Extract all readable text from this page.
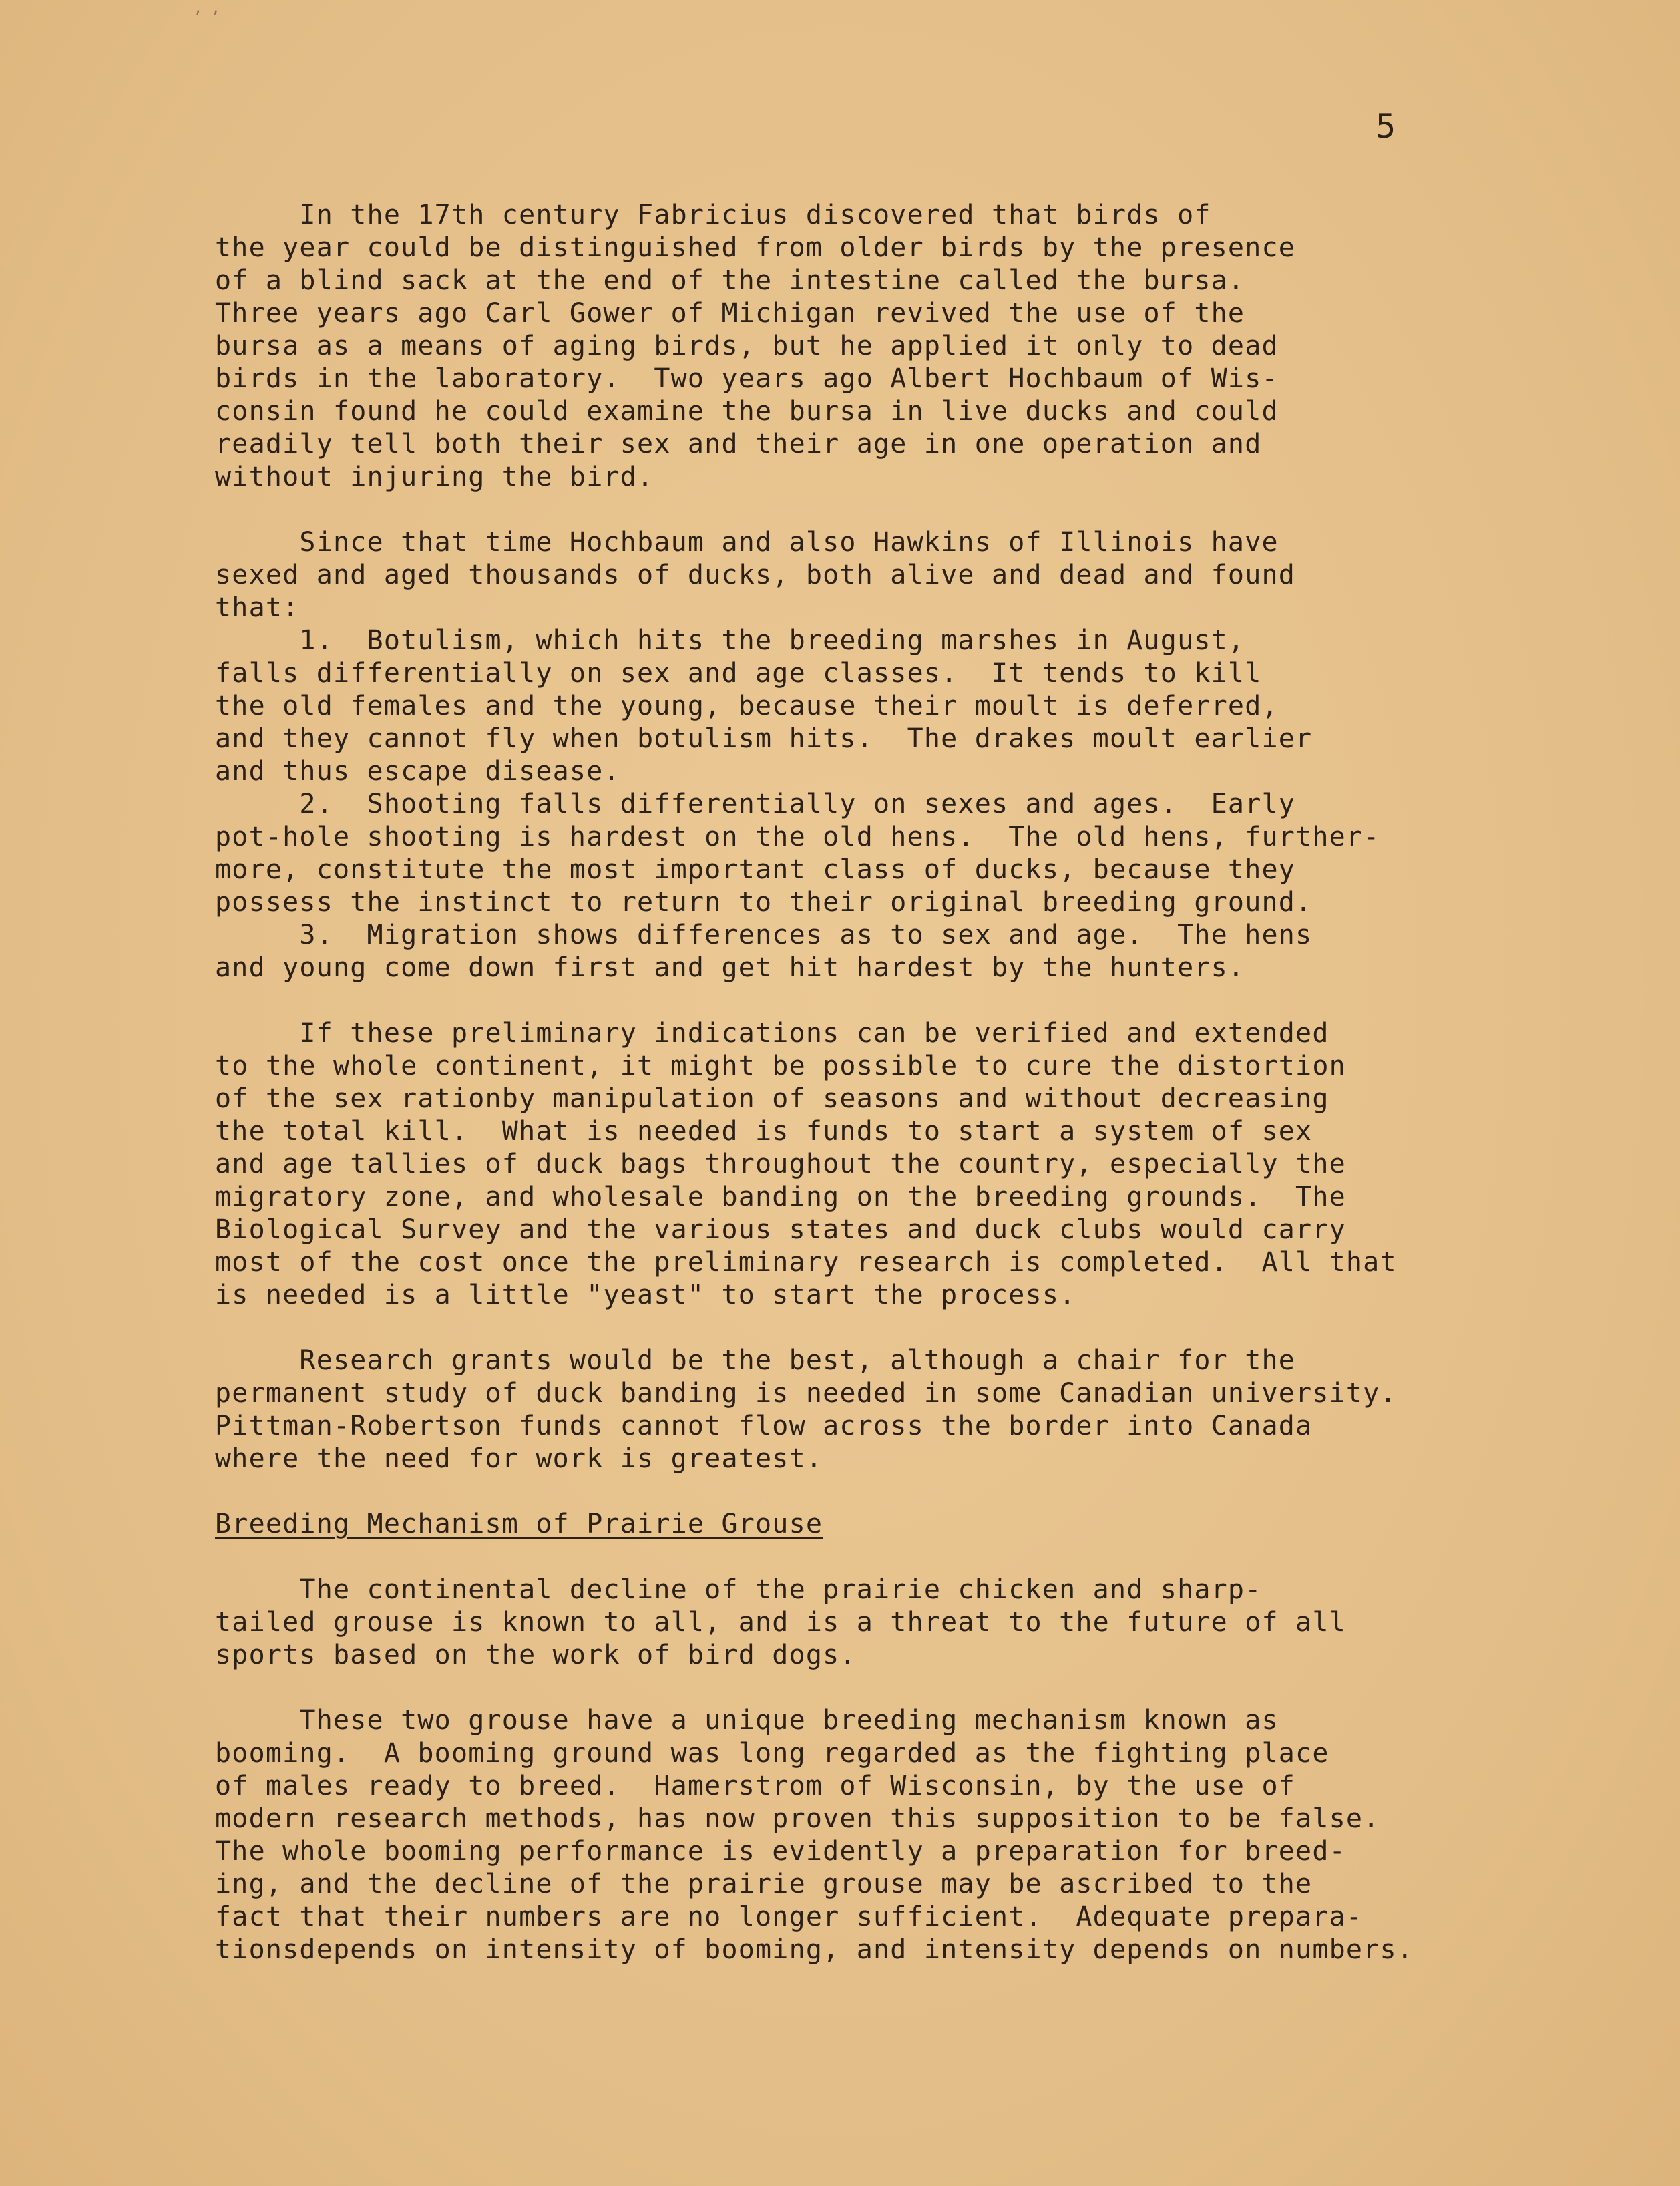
‚ ‚
5
In the 17th century Fabricius discovered that birds of
the year could be distinguished from older birds by the presence
of a blind sack at the end of the intestine called the bursa.
Three years ago Carl Gower of Michigan revived the use of the
bursa as a means of aging birds, but he applied it only to dead
birds in the laboratory.  Two years ago Albert Hochbaum of Wis-
consin found he could examine the bursa in live ducks and could
readily tell both their sex and their age in one operation and
without injuring the bird.
Since that time Hochbaum and also Hawkins of Illinois have
sexed and aged thousands of ducks, both alive and dead and found
that:
1.  Botulism, which hits the breeding marshes in August,
falls differentially on sex and age classes.  It tends to kill
the old females and the young, because their moult is deferred,
and they cannot fly when botulism hits.  The drakes moult earlier
and thus escape disease.
2.  Shooting falls differentially on sexes and ages.  Early
pot-hole shooting is hardest on the old hens.  The old hens, further-
more, constitute the most important class of ducks, because they
possess the instinct to return to their original breeding ground.
3.  Migration shows differences as to sex and age.  The hens
and young come down first and get hit hardest by the hunters.
If these preliminary indications can be verified and extended
to the whole continent, it might be possible to cure the distortion
of the sex rationby manipulation of seasons and without decreasing
the total kill.  What is needed is funds to start a system of sex
and age tallies of duck bags throughout the country, especially the
migratory zone, and wholesale banding on the breeding grounds.  The
Biological Survey and the various states and duck clubs would carry
most of the cost once the preliminary research is completed.  All that
is needed is a little "yeast" to start the process.
Research grants would be the best, although a chair for the
permanent study of duck banding is needed in some Canadian university.
Pittman-Robertson funds cannot flow across the border into Canada
where the need for work is greatest.
Breeding Mechanism of Prairie Grouse
The continental decline of the prairie chicken and sharp-
tailed grouse is known to all, and is a threat to the future of all
sports based on the work of bird dogs.
These two grouse have a unique breeding mechanism known as
booming.  A booming ground was long regarded as the fighting place
of males ready to breed.  Hamerstrom of Wisconsin, by the use of
modern research methods, has now proven this supposition to be false.
The whole booming performance is evidently a preparation for breed-
ing, and the decline of the prairie grouse may be ascribed to the
fact that their numbers are no longer sufficient.  Adequate prepara-
tionsdepends on intensity of booming, and intensity depends on numbers.
